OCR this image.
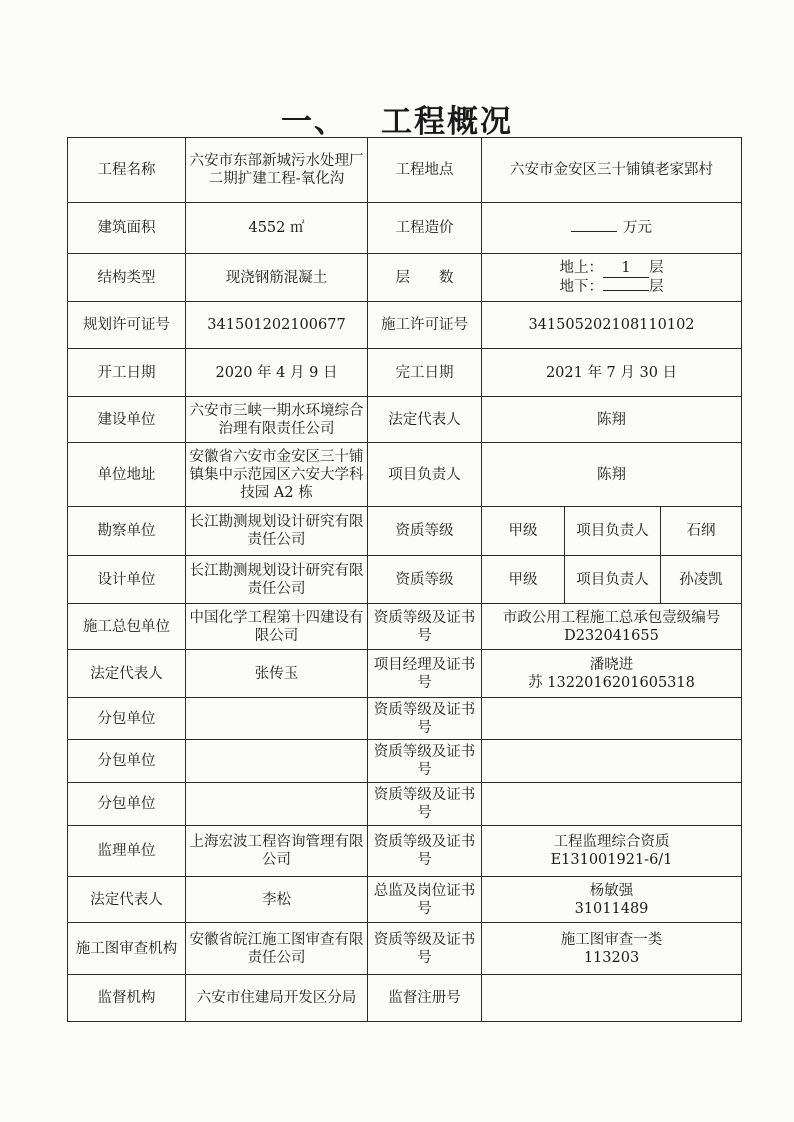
一、 工程概况
工程名称	六安市东部新城污水处理厂二期扩建工程-氧化沟	工程地点	六安市金安区三十铺镇老家郢村		
建筑面积	4552 ㎡	工程造价	万元		
结构类型	现浇钢筋混凝土	层　　数	地上： 1 层
地下： 层		

规划许可证号	341501202100677	施工许可证号	341505202108110102		
开工日期	2020 年 4 月 9 日	完工日期	2021 年 7 月 30 日		
建设单位	六安市三峡一期水环境综合治理有限责任公司	法定代表人	陈翔		
单位地址	安徽省六安市金安区三十铺镇集中示范园区六安大学科技园 A2 栋	项目负责人	陈翔		
勘察单位	长江勘测规划设计研究有限责任公司	资质等级	甲级	项目负责人	石纲
设计单位	长江勘测规划设计研究有限责任公司	资质等级	甲级	项目负责人	孙凌凯
施工总包单位	中国化学工程第十四建设有限公司	资质等级及证书号	市政公用工程施工总承包壹级编号 D232041655		
法定代表人	张传玉	项目经理及证书号	潘晓进
苏 1322016201605318		

分包单位		资质等级及证书号			
分包单位		资质等级及证书号			
分包单位		资质等级及证书号			
监理单位	上海宏波工程咨询管理有限公司	资质等级及证书号	工程监理综合资质
E131001921-6/1		

法定代表人	李松	总监及岗位证书号	杨敏强
31011489		

施工图审查机构	安徽省皖江施工图审查有限责任公司	资质等级及证书号	施工图审查一类
113203		

监督机构	六安市住建局开发区分局	监督注册号			
